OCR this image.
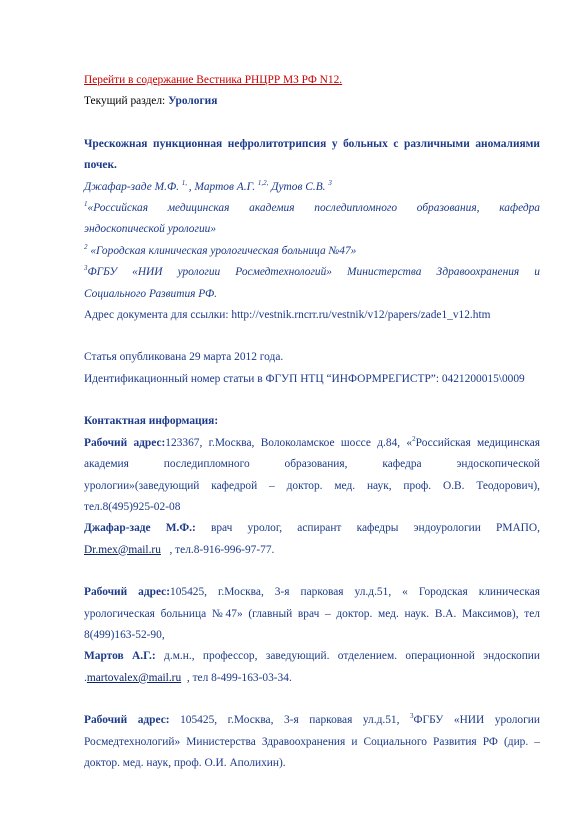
Перейти в содержание Вестника РНЦРР МЗ РФ N12.

Текущий раздел: Урология

Чрескожная пункционная нефролитотрипсия у больных с различными аномалиями

почек.

Джафар-заде М.Ф. $^{1,}$ , Мартов А.Г. $^{1,2,}$ Дутов С.В. $^3$

$^1$«Российская медицинская академия последипломного образования, кафедра

эндоскопической урологии»

$^2$ «Городская клиническая урологическая больница №47»

$^3$ФГБУ «НИИ урологии Росмедтехнологий» Министерства Здравоохранения и

Социального Развития РФ.

Адрес документа для ссылки: http://vestnik.rncrr.ru/vestnik/v12/papers/zade1_v12.htm

Статья опубликована 29 марта 2012 года.

Идентификационный номер статьи в ФГУП НТЦ “ИНФОРМРЕГИСТР”: 0421200015\0009

Контактная информация:

Рабочий адрес:123367, г.Москва, Волоколамское шоссе д.84, «$^2$Российская медицинская

академия последипломного образования, кафедра эндоскопической

урологии»(заведующий кафедрой – доктор. мед. наук, проф. О.В. Теодорович),

тел.8(495)925-02-08

Джафар-заде М.Ф.: врач уролог, аспирант кафедры эндоурологии РМАПО,

Dr.mex@mail.ru   , тел.8-916-996-97-77.

Рабочий адрес:105425, г.Москва, 3-я парковая ул.д.51, « Городская клиническая

урологическая больница №47» (главный врач – доктор. мед. наук. В.А. Максимов), тел

8(499)163-52-90,

Мартов А.Г.: д.м.н., профессор, заведующий. отделением. операционной эндоскопии

.martovalex@mail.ru  , тел 8-499-163-03-34.

Рабочий адрес: 105425, г.Москва, 3-я парковая ул.д.51, $^3$ФГБУ «НИИ урологии

Росмедтехнологий» Министерства Здравоохранения и Социального Развития РФ (дир. –

доктор. мед. наук, проф. О.И. Аполихин).
